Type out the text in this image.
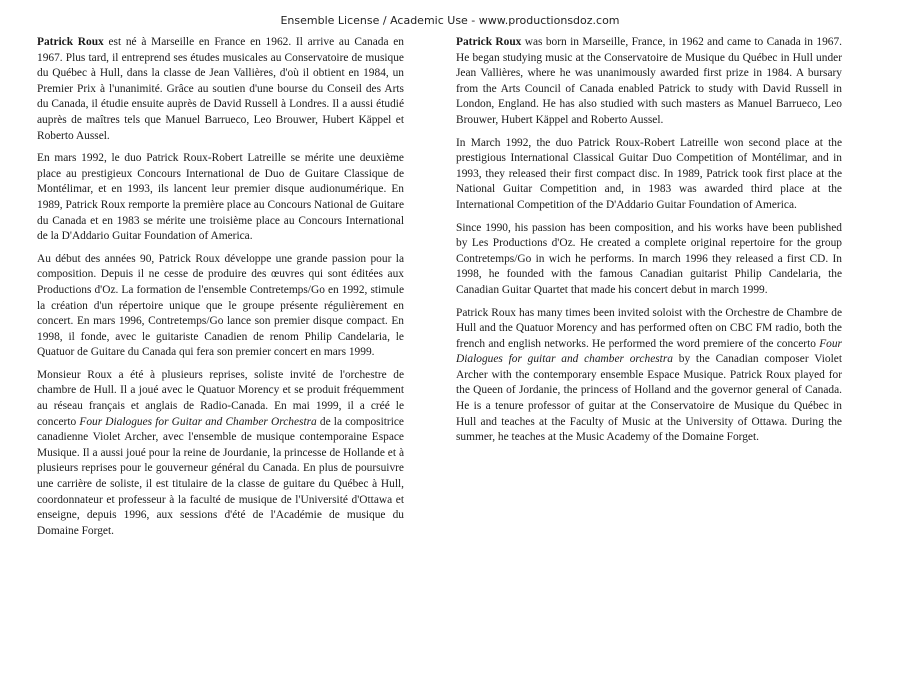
Ensemble License / Academic Use - www.productionsdoz.com

Patrick Roux est né à Marseille en France en 1962. Il arrive au Canada en 1967. Plus tard, il entreprend ses études musicales au Conservatoire de musique du Québec à Hull, dans la classe de Jean Vallières, d'où il obtient en 1984, un Premier Prix à l'unanimité. Grâce au soutien d'une bourse du Conseil des Arts du Canada, il étudie ensuite auprès de David Russell à Londres. Il a aussi étudié auprès de maîtres tels que Manuel Barrueco, Leo Brouwer, Hubert Käppel et Roberto Aussel.

En mars 1992, le duo Patrick Roux-Robert Latreille se mérite une deuxième place au prestigieux Concours International de Duo de Guitare Classique de Montélimar, et en 1993, ils lancent leur premier disque audionumérique. En 1989, Patrick Roux remporte la première place au Concours National de Guitare du Canada et en 1983 se mérite une troisième place au Concours International de la D'Addario Guitar Foundation of America.

Au début des années 90, Patrick Roux développe une grande passion pour la composition. Depuis il ne cesse de produire des œuvres qui sont éditées aux Productions d'Oz. La formation de l'ensemble Contretemps/Go en 1992, stimule la création d'un répertoire unique que le groupe présente régulièrement en concert. En mars 1996, Contretemps/Go lance son premier disque compact. En 1998, il fonde, avec le guitariste Canadien de renom Philip Candelaria, le Quatuor de Guitare du Canada qui fera son premier concert en mars 1999.

Monsieur Roux a été à plusieurs reprises, soliste invité de l'orchestre de chambre de Hull. Il a joué avec le Quatuor Morency et se produit fréquemment au réseau français et anglais de Radio-Canada. En mai 1999, il a créé le concerto Four Dialogues for Guitar and Chamber Orchestra de la compositrice canadienne Violet Archer, avec l'ensemble de musique contemporaine Espace Musique. Il a aussi joué pour la reine de Jourdanie, la princesse de Hollande et à plusieurs reprises pour le gouverneur général du Canada. En plus de poursuivre une carrière de soliste, il est titulaire de la classe de guitare du Québec à Hull, coordonnateur et professeur à la faculté de musique de l'Université d'Ottawa et enseigne, depuis 1996, aux sessions d'été de l'Académie de musique du Domaine Forget.

Patrick Roux was born in Marseille, France, in 1962 and came to Canada in 1967. He began studying music at the Conservatoire de Musique du Québec in Hull under Jean Vallières, where he was unanimously awarded first prize in 1984. A bursary from the Arts Council of Canada enabled Patrick to study with David Russell in London, England. He has also studied with such masters as Manuel Barrueco, Leo Brouwer, Hubert Käppel and Roberto Aussel.

In March 1992, the duo Patrick Roux-Robert Latreille won second place at the prestigious International Classical Guitar Duo Competition of Montélimar, and in 1993, they released their first compact disc. In 1989, Patrick took first place at the National Guitar Competition and, in 1983 was awarded third place at the International Competition of the D'Addario Guitar Foundation of America.

Since 1990, his passion has been composition, and his works have been published by Les Productions d'Oz. He created a complete original repertoire for the group Contretemps/Go in wich he performs. In march 1996 they released a first CD. In 1998, he founded with the famous Canadian guitarist Philip Candelaria, the Canadian Guitar Quartet that made his concert debut in march 1999.

Patrick Roux has many times been invited soloist with the Orchestre de Chambre de Hull and the Quatuor Morency and has performed often on CBC FM radio, both the french and english networks. He performed the word premiere of the concerto Four Dialogues for guitar and chamber orchestra by the Canadian composer Violet Archer with the contemporary ensemble Espace Musique. Patrick Roux played for the Queen of Jordanie, the princess of Holland and the governor general of Canada. He is a tenure professor of guitar at the Conservatoire de Musique du Québec in Hull and teaches at the Faculty of Music at the University of Ottawa. During the summer, he teaches at the Music Academy of the Domaine Forget.
